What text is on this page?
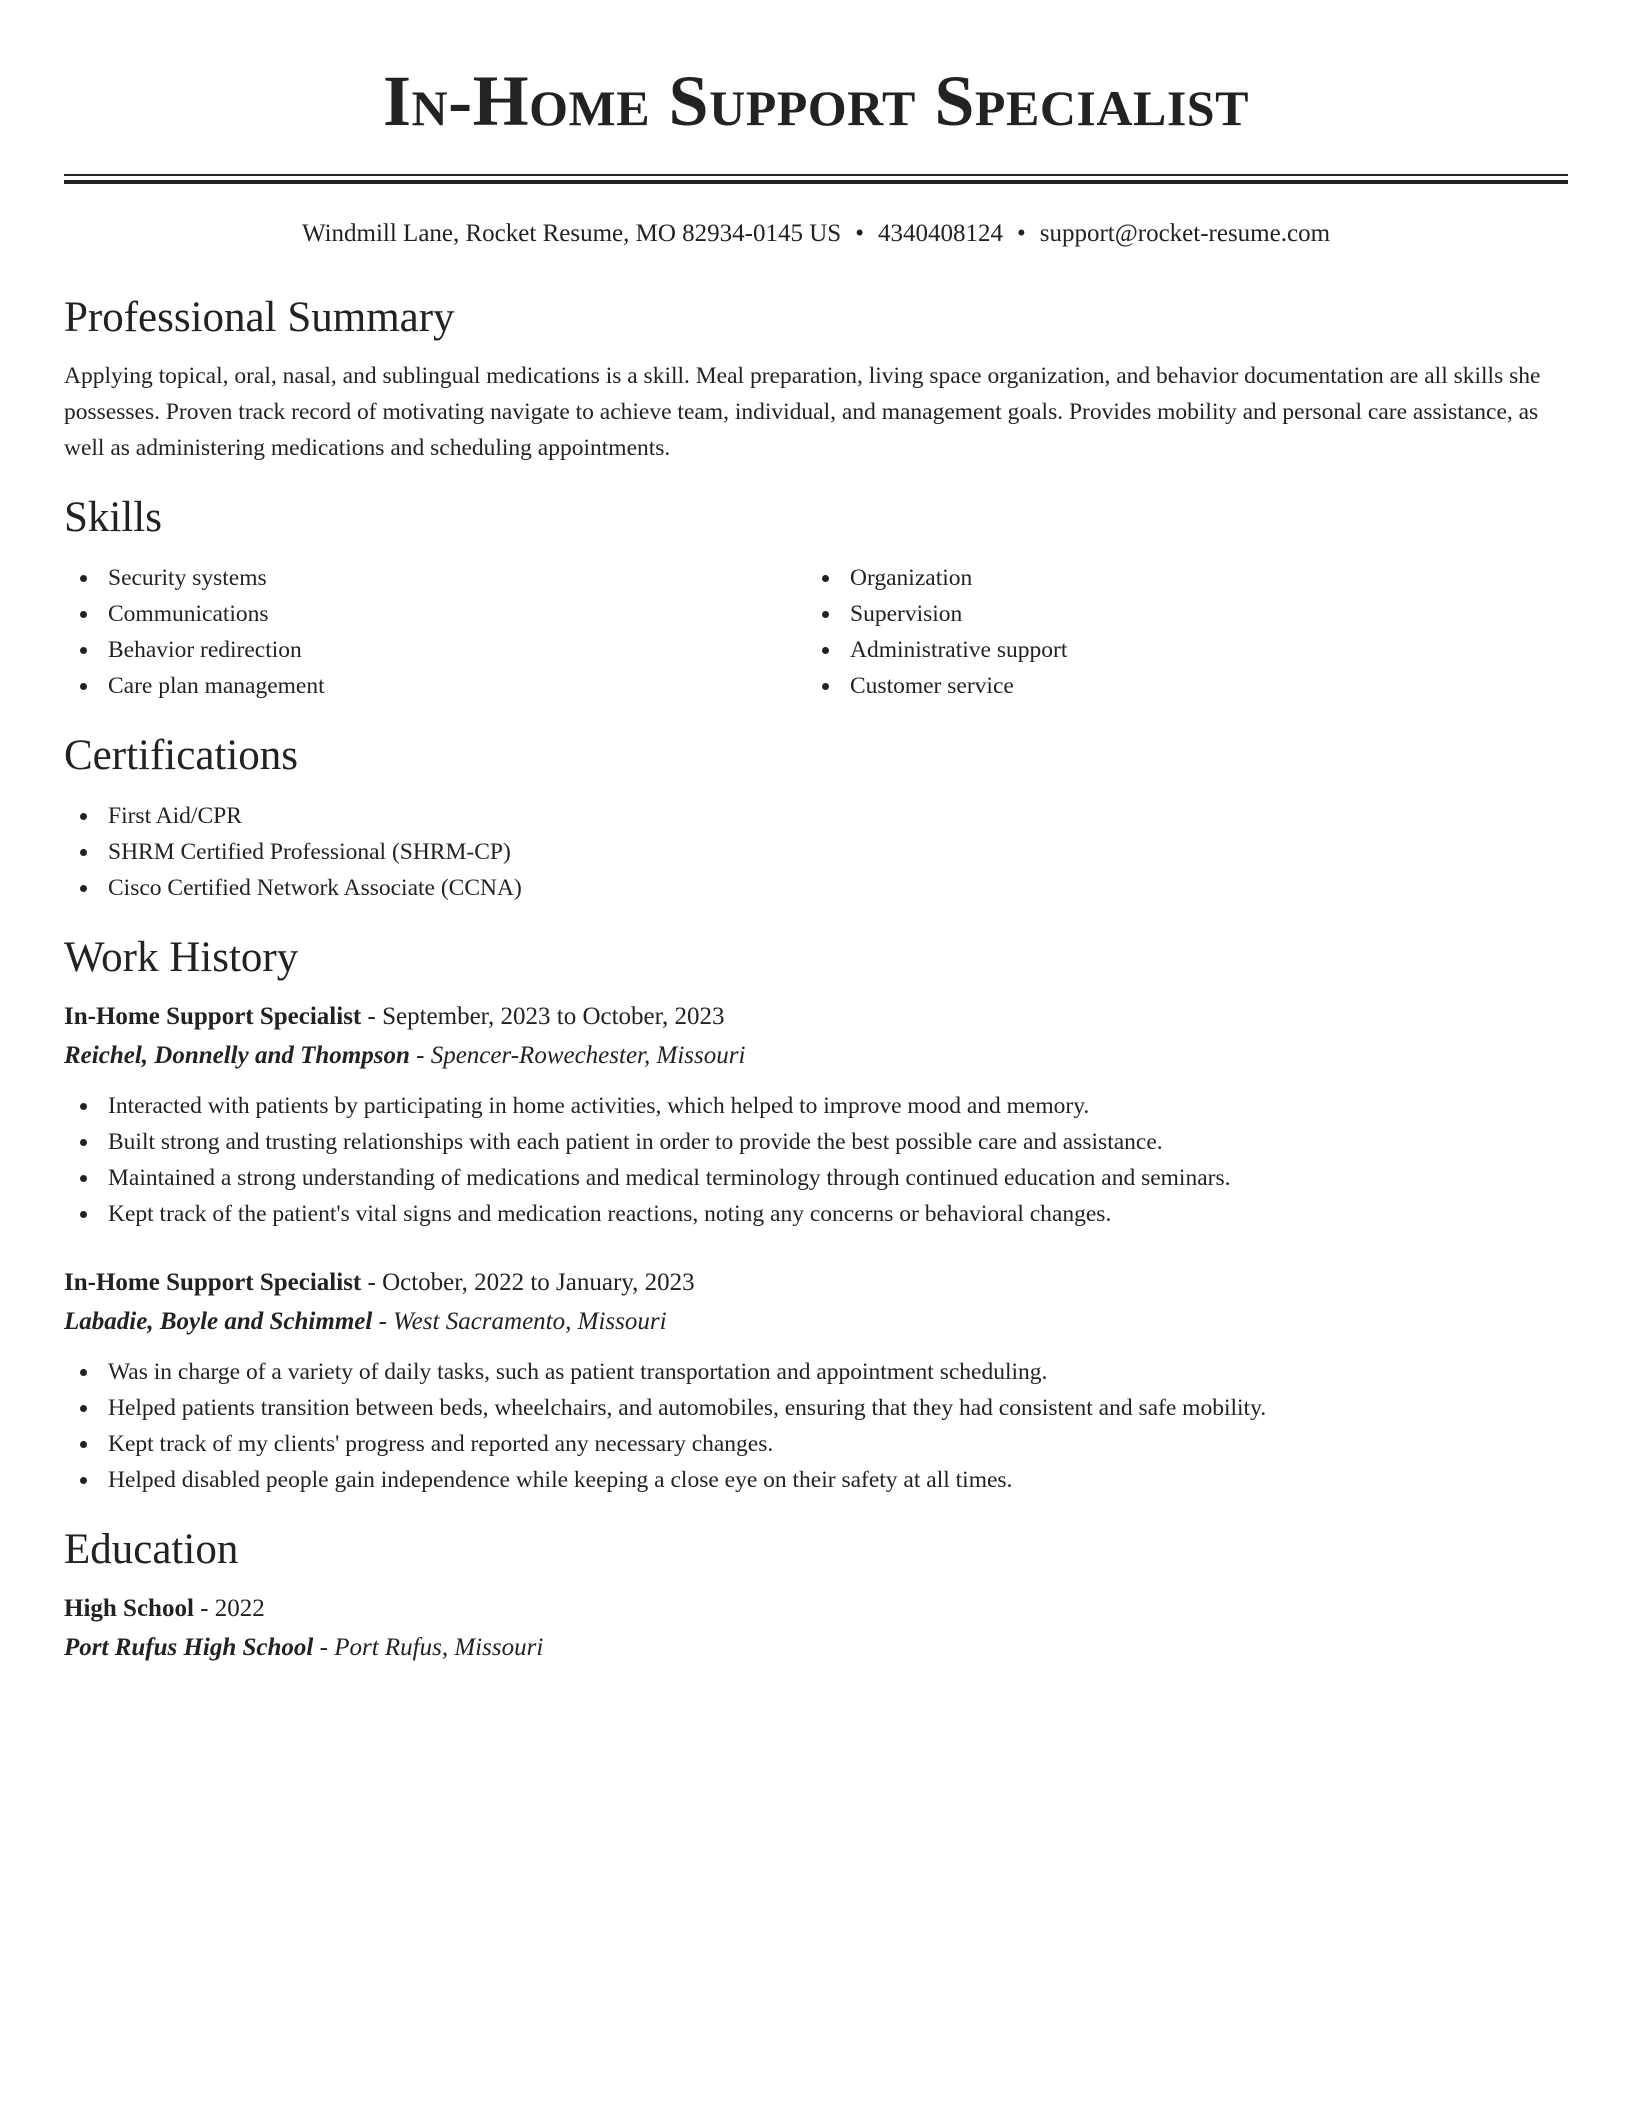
In-Home Support Specialist
Windmill Lane, Rocket Resume, MO 82934-0145 US • 4340408124 • support@rocket-resume.com
Professional Summary

Applying topical, oral, nasal, and sublingual medications is a skill. Meal preparation, living space organization, and behavior documentation are all skills she possesses. Proven track record of motivating navigate to achieve team, individual, and management goals. Provides mobility and personal care assistance, as well as administering medications and scheduling appointments.

Skills
Security systems
Communications
Behavior redirection
Care plan management
Organization
Supervision
Administrative support
Customer service
Certifications
First Aid/CPR
SHRM Certified Professional (SHRM-CP)
Cisco Certified Network Associate (CCNA)
Work History
In-Home Support Specialist - September, 2023 to October, 2023
Reichel, Donnelly and Thompson - Spencer-Rowechester, Missouri
Interacted with patients by participating in home activities, which helped to improve mood and memory.
Built strong and trusting relationships with each patient in order to provide the best possible care and assistance.
Maintained a strong understanding of medications and medical terminology through continued education and seminars.
Kept track of the patient's vital signs and medication reactions, noting any concerns or behavioral changes.
In-Home Support Specialist - October, 2022 to January, 2023
Labadie, Boyle and Schimmel - West Sacramento, Missouri
Was in charge of a variety of daily tasks, such as patient transportation and appointment scheduling.
Helped patients transition between beds, wheelchairs, and automobiles, ensuring that they had consistent and safe mobility.
Kept track of my clients' progress and reported any necessary changes.
Helped disabled people gain independence while keeping a close eye on their safety at all times.
Education
High School - 2022
Port Rufus High School - Port Rufus, Missouri
